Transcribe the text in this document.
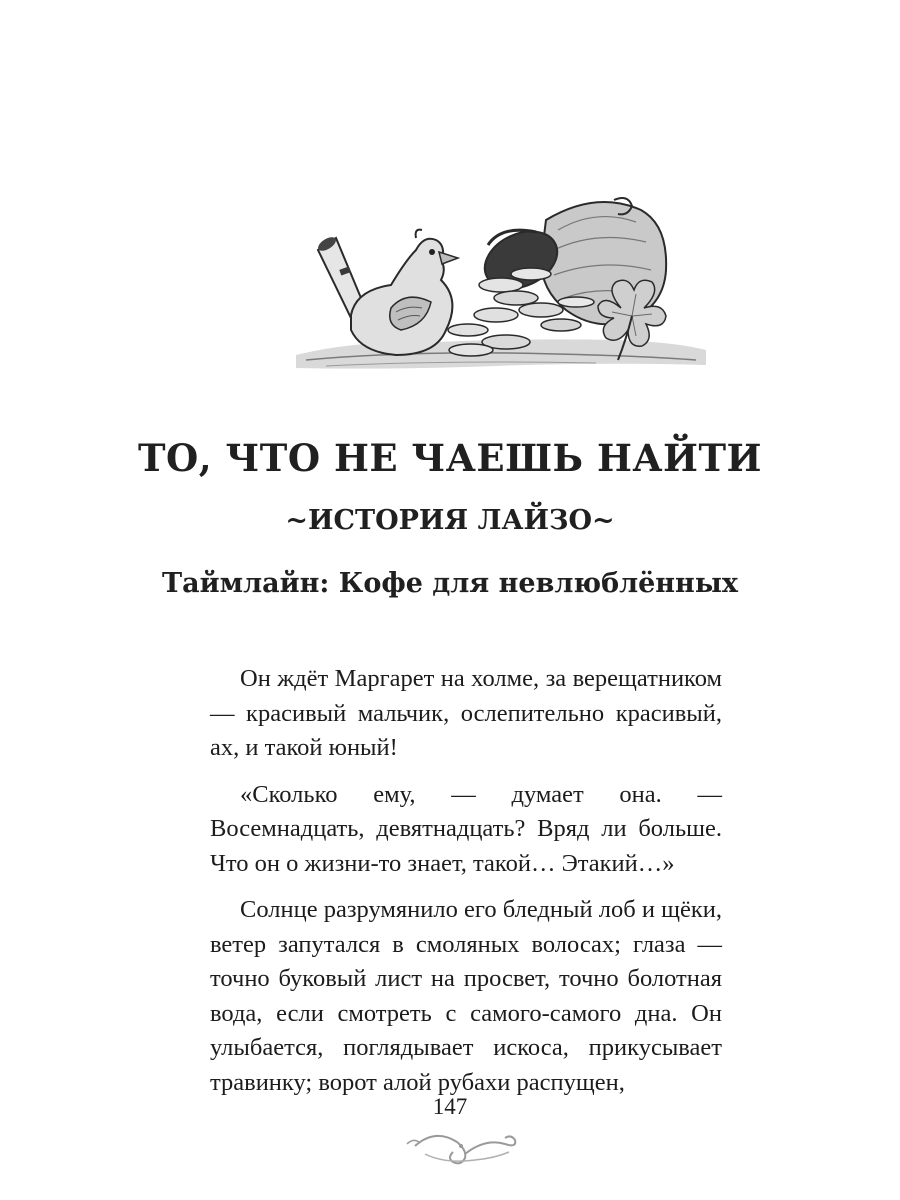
ТО, ЧТО НЕ ЧАЕШЬ НАЙТИ
~ИСТОРИЯ ЛАЙЗО~
Таймлайн: Кофе для невлюблённых

Он ждёт Маргарет на холме, за верещатником — красивый мальчик, ослепительно красивый, ах, и такой юный!

«Сколько ему, — думает она. — Восемнадцать, девятнадцать? Вряд ли больше. Что он о жизни-то знает, такой… Этакий…»

Солнце разрумянило его бледный лоб и щёки, ветер запутался в смоляных волосах; глаза — точно буковый лист на просвет, точно болотная вода, если смотреть с самого-самого дна. Он улыбается, поглядывает искоса, прикусывает травинку; ворот алой рубахи распущен,

147
